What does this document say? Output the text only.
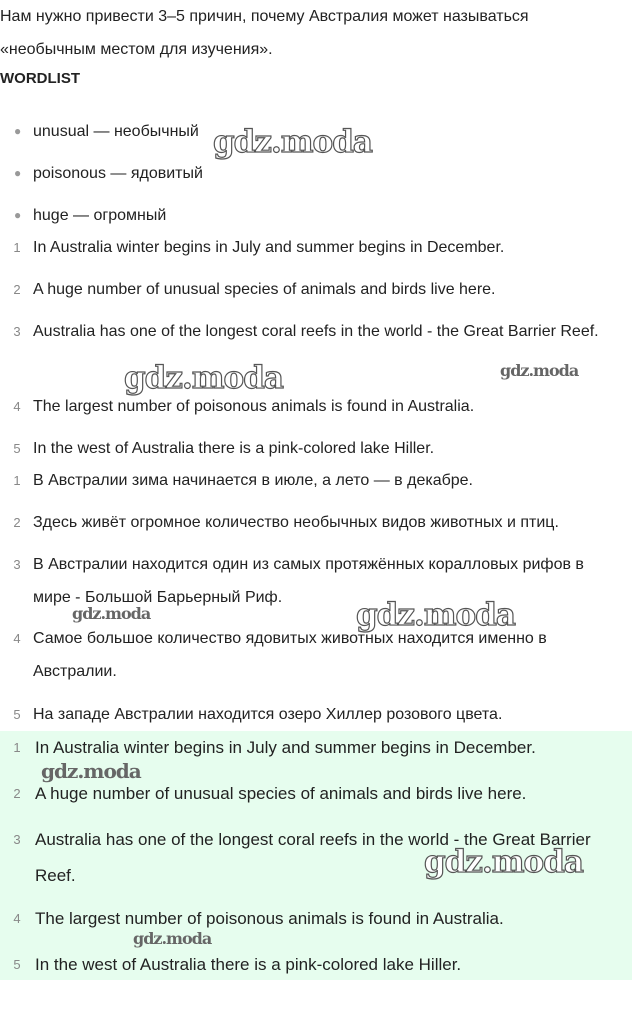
Нам нужно привести 3–5 причин, почему Австралия может называться «необычным местом для изучения».
WORDLIST
● unusual — необычный
● poisonous — ядовитый
● huge — огромный
1 In Australia winter begins in July and summer begins in December.
2 A huge number of unusual species of animals and birds live here.
3 Australia has one of the longest coral reefs in the world - the Great Barrier Reef.
4 The largest number of poisonous animals is found in Australia.
5 In the west of Australia there is a pink-colored lake Hiller.
1 В Австралии зима начинается в июле, а лето — в декабре.
2 Здесь живёт огромное количество необычных видов животных и птиц.
3 В Австралии находится один из самых протяжённых коралловых рифов в мире - Большой Барьерный Риф.
4 Самое большое количество ядовитых животных находится именно в Австралии.
5 На западе Австралии находится озеро Хиллер розового цвета.
1 In Australia winter begins in July and summer begins in December.
2 A huge number of unusual species of animals and birds live here.
3 Australia has one of the longest coral reefs in the world - the Great Barrier Reef.
4 The largest number of poisonous animals is found in Australia.
5 In the west of Australia there is a pink-colored lake Hiller.
gdz.moda
gdz.moda	gdz.moda
gdz.moda	gdz.moda
gdz.moda
gdz.moda
gdz.moda
